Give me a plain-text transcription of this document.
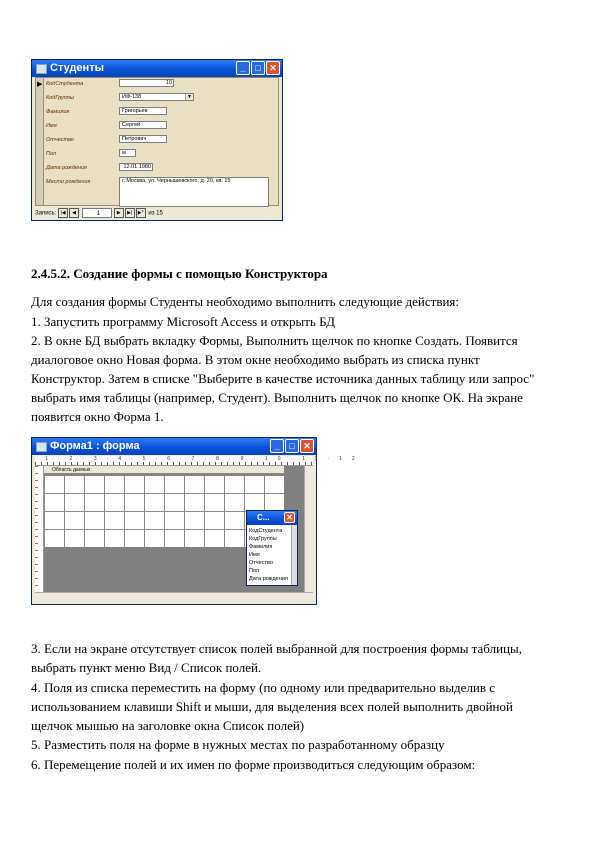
Студенты	_	□ ✕
▶ КодСтудента	10
КодГруппы	ИФ-138	▼
Фамилия	Григорьев
Имя	Сергей
Отчество	Петрович
Пол	м
Дата рождения	12.01.1980
Место рождения	г. Москва, ул. Чернышевского, д. 20, кв. 15
Запись: |◀ ◀	1	▶ ▶| ▶* из 15
2.4.5.2. Создание формы с помощью Конструктора
Для создания формы Студенты необходимо выполнить следующие действия:
1. Запустить программу Microsoft Access и открыть БД
2. В окне БД выбрать вкладку Формы, Выполнить щелчок по кнопке Создать. Появится
диалоговое окно Новая форма. В этом окне необходимо выбрать из списка пункт
Конструктор. Затем в списке "Выберите в качестве источника данных таблицу или запрос"
выбрать имя таблицы (например, Студент). Выполнить щелчок по кнопке ОК. На экране
появится окно Форма 1.
Форма1 : форма	_	□ ✕
1·2·3·4·5·6·7·8·9·10·11·12
Область данных
С... ✕
КодСтудента
КодГруппы
Фамилия
Имя
Отчество
Пол
Дата рождения
3. Если на экране отсутствует список полей выбранной для построения формы таблицы,
выбрать пункт меню Вид / Список полей.
4. Поля из списка переместить на форму (по одному или предварительно выделив с
использованием клавиши Shift и мыши, для выделения всех полей выполнить двойной
щелчок мышью на заголовке окна Список полей)
5. Разместить поля на форме в нужных местах по разработанному образцу
6. Перемещение полей и их имен по форме производиться следующим образом:
